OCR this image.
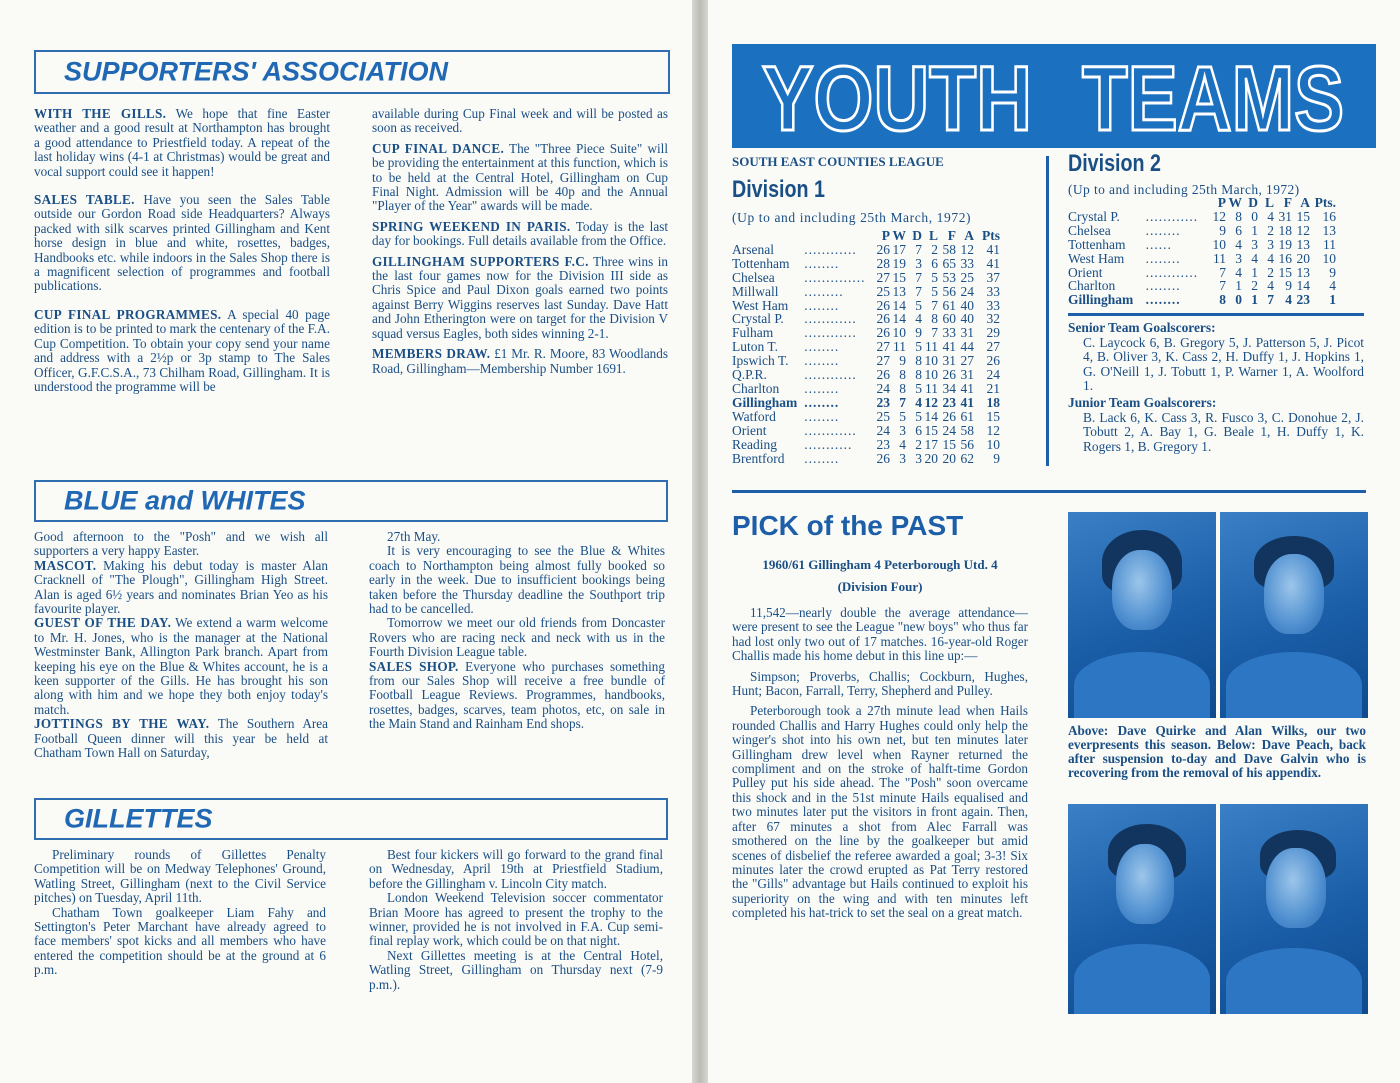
SUPPORTERS' ASSOCIATION

WITH THE GILLS. We hope that fine Easter weather and a good result at Northampton has brought a good attendance to Priestfield today. A repeat of the last holiday wins (4-1 at Christmas) would be great and vocal support could see it happen!

SALES TABLE. Have you seen the Sales Table outside our Gordon Road side Headquarters? Always packed with silk scarves printed Gillingham and Kent horse design in blue and white, rosettes, badges, Handbooks etc. while indoors in the Sales Shop there is a magnificent selection of programmes and football publications.

CUP FINAL PROGRAMMES. A special 40 page edition is to be printed to mark the centenary of the F.A. Cup Competition. To obtain your copy send your name and address with a 2½p or 3p stamp to The Sales Officer, G.F.C.S.A., 73 Chilham Road, Gillingham. It is understood the programme will be

available during Cup Final week and will be posted as soon as received.

CUP FINAL DANCE. The "Three Piece Suite" will be providing the entertainment at this function, which is to be held at the Central Hotel, Gillingham on Cup Final Night. Admission will be 40p and the Annual "Player of the Year" awards will be made.

SPRING WEEKEND IN PARIS. Today is the last day for bookings. Full details available from the Office.

GILLINGHAM SUPPORTERS F.C. Three wins in the last four games now for the Division III side as Chris Spice and Paul Dixon goals earned two points against Berry Wiggins reserves last Sunday. Dave Hatt and John Etherington were on target for the Division V squad versus Eagles, both sides winning 2-1.

MEMBERS DRAW. £1 Mr. R. Moore, 83 Woodlands Road, Gillingham—Membership Number 1691.

BLUE and WHITES

Good afternoon to the "Posh" and we wish all supporters a very happy Easter.

MASCOT. Making his debut today is master Alan Cracknell of "The Plough", Gillingham High Street. Alan is aged 6½ years and nominates Brian Yeo as his favourite player.

GUEST OF THE DAY. We extend a warm welcome to Mr. H. Jones, who is the manager at the National Westminster Bank, Allington Park branch. Apart from keeping his eye on the Blue & Whites account, he is a keen supporter of the Gills. He has brought his son along with him and we hope they both enjoy today's match.

JOTTINGS BY THE WAY. The Southern Area Football Queen dinner will this year be held at Chatham Town Hall on Saturday,

27th May.

It is very encouraging to see the Blue & Whites coach to Northampton being almost fully booked so early in the week. Due to insufficient bookings being taken before the Thursday deadline the Southport trip had to be cancelled.

Tomorrow we meet our old friends from Doncaster Rovers who are racing neck and neck with us in the Fourth Division League table.

SALES SHOP. Everyone who purchases something from our Sales Shop will receive a free bundle of Football League Reviews. Programmes, handbooks, rosettes, badges, scarves, team photos, etc, on sale in the Main Stand and Rainham End shops.

GILLETTES

Preliminary rounds of Gillettes Penalty Competition will be on Medway Telephones' Ground, Watling Street, Gillingham (next to the Civil Service pitches) on Tuesday, April 11th.

Chatham Town goalkeeper Liam Fahy and Settington's Peter Marchant have already agreed to face members' spot kicks and all members who have entered the competition should be at the ground at 6 p.m.

Best four kickers will go forward to the grand final on Wednesday, April 19th at Priestfield Stadium, before the Gillingham v. Lincoln City match.

London Weekend Television soccer commentator Brian Moore has agreed to present the trophy to the winner, provided he is not involved in F.A. Cup semi-final replay work, which could be on that night.

Next Gillettes meeting is at the Central Hotel, Watling Street, Gillingham on Thursday next (7-9 p.m.).

YOUTH TEAMS

SOUTH EAST COUNTIES LEAGUE

Division 1

(Up to and including 25th March, 1972)

		P	W	D	L	F	A	Pts
Arsenal	............	26	17	7	2	58	12	41
Tottenham	........	28	19	3	6	65	33	41
Chelsea	..............	27	15	7	5	53	25	37
Millwall	.........	25	13	7	5	56	24	33
West Ham	........	26	14	5	7	61	40	33
Crystal P.	............	26	14	4	8	60	40	32
Fulham	............	26	10	9	7	33	31	29
Luton T.	........	27	11	5	11	41	44	27
Ipswich T.	........	27	9	8	10	31	27	26
Q.P.R.	............	26	8	8	10	26	31	24
Charlton	........	24	8	5	11	34	41	21
Gillingham	........	23	7	4	12	23	41	18
Watford	........	25	5	5	14	26	61	15
Orient	............	24	3	6	15	24	58	12
Reading	...........	23	4	2	17	15	56	10
Brentford	........	26	3	3	20	20	62	9

Division 2

(Up to and including 25th March, 1972)

		P	W	D	L	F	A	Pts.
Crystal P.	............	12	8	0	4	31	15	16
Chelsea	........	9	6	1	2	18	12	13
Tottenham	......	10	4	3	3	19	13	11
West Ham	........	11	3	4	4	16	20	10
Orient	............	7	4	1	2	15	13	9
Charlton	........	7	1	2	4	9	14	4
Gillingham	........	8	0	1	7	4	23	1
Senior Team Goalscorers:
C. Laycock 6, B. Gregory 5, J. Patterson 5, J. Picot 4, B. Oliver 3, K. Cass 2, H. Duffy 1, J. Hopkins 1, G. O'Neill 1, J. Tobutt 1, P. Warner 1, A. Woolford 1.
Junior Team Goalscorers:
B. Lack 6, K. Cass 3, R. Fusco 3, C. Donohue 2, J. Tobutt 2, A. Bay 1, G. Beale 1, H. Duffy 1, K. Rogers 1, B. Gregory 1.

PICK of the PAST

1960/61 Gillingham 4 Peterborough Utd. 4

(Division Four)

11,542—nearly double the average attendance—were present to see the League "new boys" who thus far had lost only two out of 17 matches. 16-year-old Roger Challis made his home debut in this line up:—

Simpson; Proverbs, Challis; Cockburn, Hughes, Hunt; Bacon, Farrall, Terry, Shepherd and Pulley.

Peterborough took a 27th minute lead when Hails rounded Challis and Harry Hughes could only help the winger's shot into his own net, but ten minutes later Gillingham drew level when Rayner returned the compliment and on the stroke of halft-time Gordon Pulley put his side ahead. The "Posh" soon overcame this shock and in the 51st minute Hails equalised and two minutes later put the visitors in front again. Then, after 67 minutes a shot from Alec Farrall was smothered on the line by the goalkeeper but amid scenes of disbelief the referee awarded a goal; 3-3! Six minutes later the crowd erupted as Pat Terry restored the "Gills" advantage but Hails continued to exploit his superiority on the wing and with ten minutes left completed his hat-trick to set the seal on a great match.

Above: Dave Quirke and Alan Wilks, our two everpresents this season. Below: Dave Peach, back after suspension to-day and Dave Galvin who is recovering from the removal of his appendix.
